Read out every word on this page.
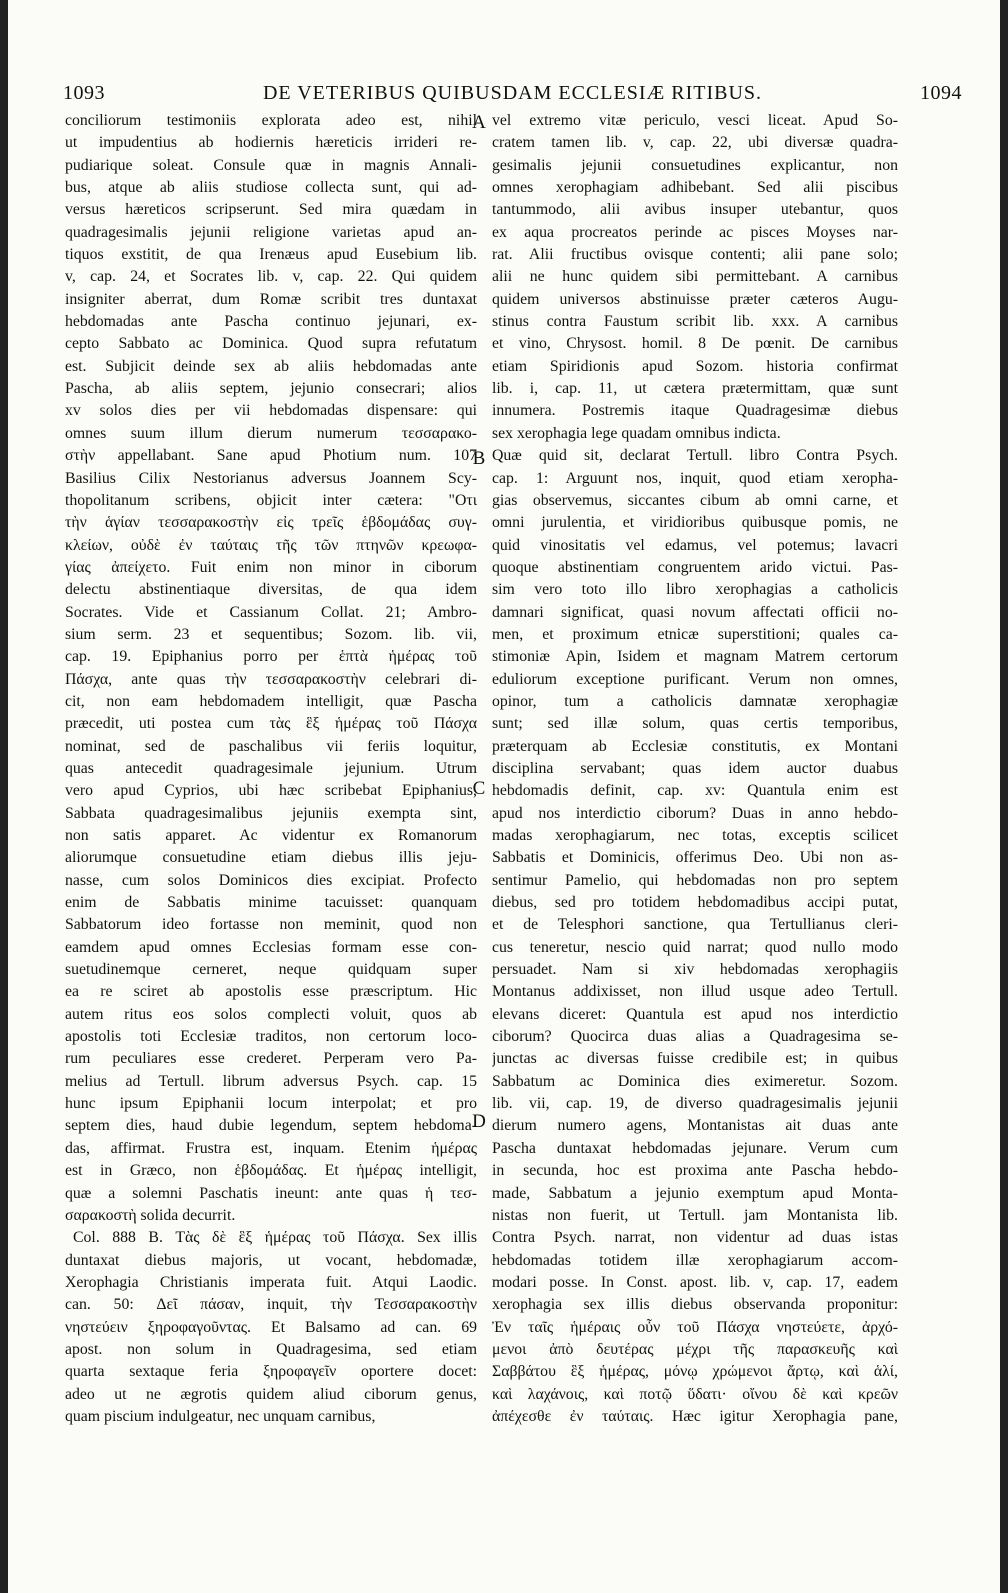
1093	DE VETERIBUS QUIBUSDAM ECCLESIÆ RITIBUS.	1094
conciliorum testimoniis explorata adeo est, nihil
ut impudentius ab hodiernis hæreticis irrideri re-
pudiarique soleat. Consule quæ in magnis Annali-
bus, atque ab aliis studiose collecta sunt, qui ad-
versus hæreticos scripserunt. Sed mira quædam in
quadragesimalis jejunii religione varietas apud an-
tiquos exstitit, de qua Irenæus apud Eusebium lib.
v, cap. 24, et Socrates lib. v, cap. 22. Qui quidem
insigniter aberrat, dum Romæ scribit tres duntaxat
hebdomadas ante Pascha continuo jejunari, ex-
cepto Sabbato ac Dominica. Quod supra refutatum
est. Subjicit deinde sex ab aliis hebdomadas ante
Pascha, ab aliis septem, jejunio consecrari; alios
xv solos dies per vii hebdomadas dispensare: qui
omnes suum illum dierum numerum τεσσαρακο-
στὴν appellabant. Sane apud Photium num. 107
Basilius Cilix Nestorianus adversus Joannem Scy-
thopolitanum scribens, objicit inter cætera: "Οτι
τὴν ἁγίαν τεσσαρακοστὴν εἰς τρεῖς ἑβδομάδας συγ-
κλείων, οὐδὲ ἐν ταύταις τῆς τῶν πτηνῶν κρεωφα-
γίας ἀπείχετο. Fuit enim non minor in ciborum
delectu abstinentiaque diversitas, de qua idem
Socrates. Vide et Cassianum Collat. 21; Ambro-
sium serm. 23 et sequentibus; Sozom. lib. vii,
cap. 19. Epiphanius porro per ἑπτὰ ἡμέρας τοῦ
Πάσχα, ante quas τὴν τεσσαρακοστὴν celebrari di-
cit, non eam hebdomadem intelligit, quæ Pascha
præcedit, uti postea cum τὰς ἓξ ἡμέρας τοῦ Πάσχα
nominat, sed de paschalibus vii feriis loquitur,
quas antecedit quadragesimale jejunium. Utrum
vero apud Cyprios, ubi hæc scribebat Epiphanius,
Sabbata quadragesimalibus jejuniis exempta sint,
non satis apparet. Ac videntur ex Romanorum
aliorumque consuetudine etiam diebus illis jeju-
nasse, cum solos Dominicos dies excipiat. Profecto
enim de Sabbatis minime tacuisset: quanquam
Sabbatorum ideo fortasse non meminit, quod non
eamdem apud omnes Ecclesias formam esse con-
suetudinemque cerneret, neque quidquam super
ea re sciret ab apostolis esse præscriptum. Hic
autem ritus eos solos complecti voluit, quos ab
apostolis toti Ecclesiæ traditos, non certorum loco-
rum peculiares esse crederet. Perperam vero Pa-
melius ad Tertull. librum adversus Psych. cap. 15
hunc ipsum Epiphanii locum interpolat; et pro
septem dies, haud dubie legendum, septem hebdoma-
das, affirmat. Frustra est, inquam. Etenim ἡμέρας
est in Græco, non ἑβδομάδας. Et ἡμέρας intelligit,
quæ a solemni Paschatis ineunt: ante quas ἡ τεσ-
σαρακοστὴ solida decurrit.
Col. 888 B. Τὰς δὲ ἓξ ἡμέρας τοῦ Πάσχα. Sex illis
duntaxat diebus majoris, ut vocant, hebdomadæ,
Xerophagia Christianis imperata fuit. Atqui Laodic.
can. 50: Δεῖ πάσαν, inquit, τὴν Τεσσαρακοστὴν
νηστεύειν ξηροφαγοῦντας. Et Balsamo ad can. 69
apost. non solum in Quadragesima, sed etiam
quarta sextaque feria ξηροφαγεῖν oportere docet:
adeo ut ne ægrotis quidem aliud ciborum genus,
quam piscium indulgeatur, nec unquam carnibus,
vel extremo vitæ periculo, vesci liceat. Apud So-
cratem tamen lib. v, cap. 22, ubi diversæ quadra-
gesimalis jejunii consuetudines explicantur, non
omnes xerophagiam adhibebant. Sed alii piscibus
tantummodo, alii avibus insuper utebantur, quos
ex aqua procreatos perinde ac pisces Moyses nar-
rat. Alii fructibus ovisque contenti; alii pane solo;
alii ne hunc quidem sibi permittebant. A carnibus
quidem universos abstinuisse præter cæteros Augu-
stinus contra Faustum scribit lib. xxx. A carnibus
et vino, Chrysost. homil. 8 De pœnit. De carnibus
etiam Spiridionis apud Sozom. historia confirmat
lib. i, cap. 11, ut cætera prætermittam, quæ sunt
innumera. Postremis itaque Quadragesimæ diebus
sex xerophagia lege quadam omnibus indicta.
Quæ quid sit, declarat Tertull. libro Contra Psych.
cap. 1: Arguunt nos, inquit, quod etiam xeropha-
gias observemus, siccantes cibum ab omni carne, et
omni jurulentia, et viridioribus quibusque pomis, ne
quid vinositatis vel edamus, vel potemus; lavacri
quoque abstinentiam congruentem arido victui. Pas-
sim vero toto illo libro xerophagias a catholicis
damnari significat, quasi novum affectati officii no-
men, et proximum etnicæ superstitioni; quales ca-
stimoniæ Apin, Isidem et magnam Matrem certorum
eduliorum exceptione purificant. Verum non omnes,
opinor, tum a catholicis damnatæ xerophagiæ
sunt; sed illæ solum, quas certis temporibus,
præterquam ab Ecclesiæ constitutis, ex Montani
disciplina servabant; quas idem auctor duabus
hebdomadis definit, cap. xv: Quantula enim est
apud nos interdictio ciborum? Duas in anno hebdo-
madas xerophagiarum, nec totas, exceptis scilicet
Sabbatis et Dominicis, offerimus Deo. Ubi non as-
sentimur Pamelio, qui hebdomadas non pro septem
diebus, sed pro totidem hebdomadibus accipi putat,
et de Telesphori sanctione, qua Tertullianus cleri-
cus teneretur, nescio quid narrat; quod nullo modo
persuadet. Nam si xiv hebdomadas xerophagiis
Montanus addixisset, non illud usque adeo Tertull.
elevans diceret: Quantula est apud nos interdictio
ciborum? Quocirca duas alias a Quadragesima se-
junctas ac diversas fuisse credibile est; in quibus
Sabbatum ac Dominica dies eximeretur. Sozom.
lib. vii, cap. 19, de diverso quadragesimalis jejunii
dierum numero agens, Montanistas ait duas ante
Pascha duntaxat hebdomadas jejunare. Verum cum
in secunda, hoc est proxima ante Pascha hebdo-
made, Sabbatum a jejunio exemptum apud Monta-
nistas non fuerit, ut Tertull. jam Montanista lib.
Contra Psych. narrat, non videntur ad duas istas
hebdomadas totidem illæ xerophagiarum accom-
modari posse. In Const. apost. lib. v, cap. 17, eadem
xerophagia sex illis diebus observanda proponitur:
Ἐν ταῖς ἡμέραις οὖν τοῦ Πάσχα νηστεύετε, ἀρχό-
μενοι ἀπὸ δευτέρας μέχρι τῆς παρασκευῆς καὶ
Σαββάτου ἓξ ἡμέρας, μόνῳ χρώμενοι ἄρτῳ, καὶ ἁλί,
καὶ λαχάνοις, καὶ ποτῷ ὕδατι· οἴνου δὲ καὶ κρεῶν
ἀπέχεσθε ἐν ταύταις. Hæc igitur Xerophagia pane,
A
B
C
D
